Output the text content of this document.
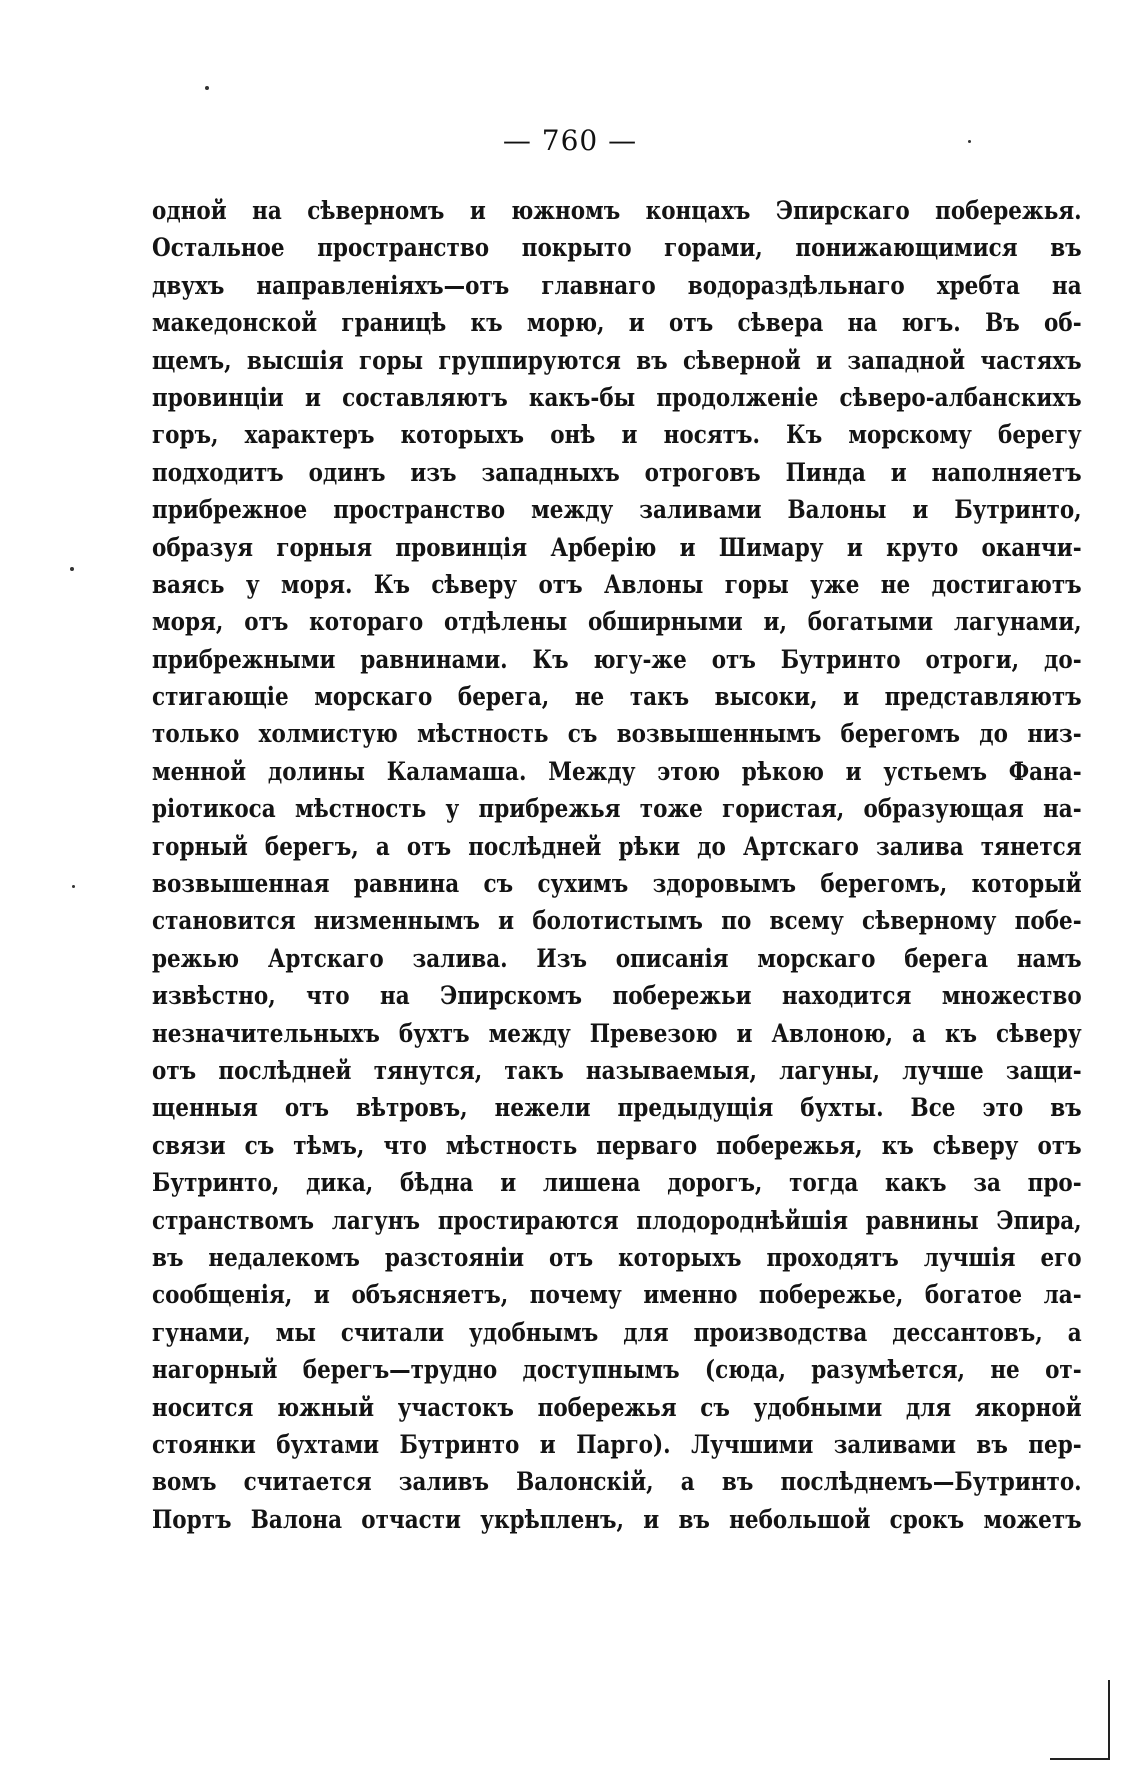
— 760 —
одной на сѣверномъ и южномъ концахъ Эпирскаго побережья.
Остальное пространство покрыто горами, понижающимися въ
двухъ направленіяхъ—отъ главнаго водораздѣльнаго хребта на
македонской границѣ къ морю, и отъ сѣвера на югъ. Въ об-
щемъ, высшія горы группируются въ сѣверной и западной частяхъ
провинціи и составляютъ какъ-бы продолженіе сѣверо-албанскихъ
горъ, характеръ которыхъ онѣ и носятъ. Къ морскому берегу
подходитъ одинъ изъ западныхъ отроговъ Пинда и наполняетъ
прибрежное пространство между заливами Валоны и Бутринто,
образуя горныя провинція Арберію и Шимару и круто оканчи-
ваясь у моря. Къ сѣверу отъ Авлоны горы уже не достигаютъ
моря, отъ котораго отдѣлены обширными и, богатыми лагунами,
прибрежными равнинами. Къ югу-же отъ Бутринто отроги, до-
стигающіе морскаго берега, не такъ высоки, и представляютъ
только холмистую мѣстность съ возвышеннымъ берегомъ до низ-
менной долины Каламаша. Между этою рѣкою и устьемъ Фана-
ріотикоса мѣстность у прибрежья тоже гористая, образующая на-
горный берегъ, а отъ послѣдней рѣки до Артскаго залива тянется
возвышенная равнина съ сухимъ здоровымъ берегомъ, который
становится низменнымъ и болотистымъ по всему сѣверному побе-
режью Артскаго залива. Изъ описанія морскаго берега намъ
извѣстно, что на Эпирскомъ побережьи находится множество
незначительныхъ бухтъ между Превезою и Авлоною, а къ сѣверу
отъ послѣдней тянутся, такъ называемыя, лагуны, лучше защи-
щенныя отъ вѣтровъ, нежели предыдущія бухты. Все это въ
связи съ тѣмъ, что мѣстность перваго побережья, къ сѣверу отъ
Бутринто, дика, бѣдна и лишена дорогъ, тогда какъ за про-
странствомъ лагунъ простираются плодороднѣйшія равнины Эпира,
въ недалекомъ разстояніи отъ которыхъ проходятъ лучшія его
сообщенія, и объясняетъ, почему именно побережье, богатое ла-
гунами, мы считали удобнымъ для производства дессантовъ, а
нагорный берегъ—трудно доступнымъ (сюда, разумѣется, не от-
носится южный участокъ побережья съ удобными для якорной
стоянки бухтами Бутринто и Парго). Лучшими заливами въ пер-
вомъ считается заливъ Валонскій, а въ послѣднемъ—Бутринто.
Портъ Валона отчасти укрѣпленъ, и въ небольшой срокъ можетъ
